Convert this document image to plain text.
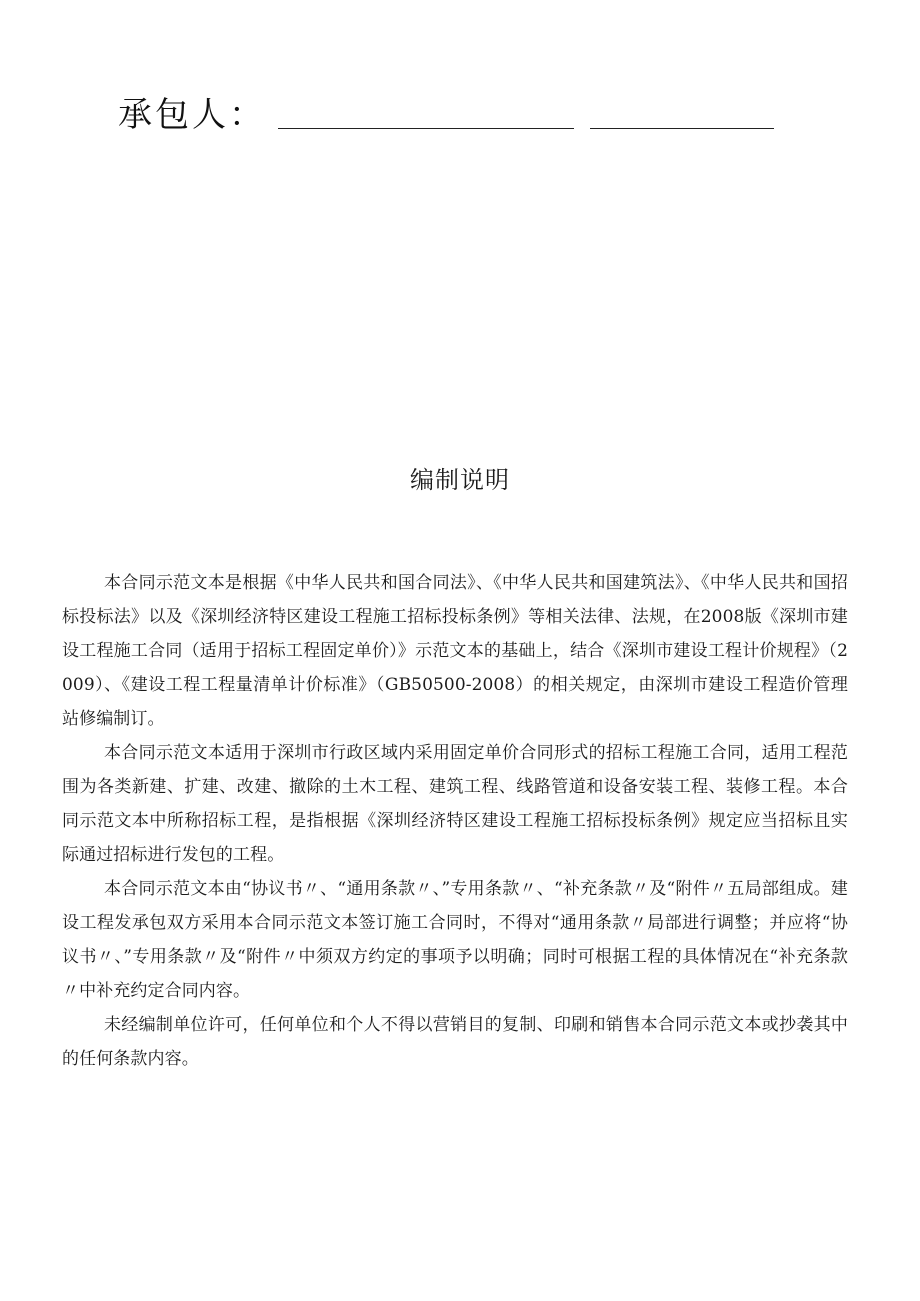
承包人：
编制说明

本合同示范文本是根据《中华人民共和国合同法》、《中华人民共和国建筑法》、《中华人民共和国招标投标法》以及《深圳经济特区建设工程施工招标投标条例》等相关法律、法规，在2008版《深圳市建设工程施工合同（适用于招标工程固定单价）》示范文本的基础上，结合《深圳市建设工程计价规程》（2009）、《建设工程工程量清单计价标准》（GB50500-2008）的相关规定，由深圳市建设工程造价管理站修编制订。

本合同示范文本适用于深圳市行政区域内采用固定单价合同形式的招标工程施工合同，适用工程范围为各类新建、扩建、改建、撤除的土木工程、建筑工程、线路管道和设备安装工程、装修工程。本合同示范文本中所称招标工程，是指根据《深圳经济特区建设工程施工招标投标条例》规定应当招标且实际通过招标进行发包的工程。

本合同示范文本由“协议书〃、“通用条款〃、”专用条款〃、“补充条款〃及“附件〃五局部组成。建设工程发承包双方采用本合同示范文本签订施工合同时，不得对“通用条款〃局部进行调整；并应将“协议书〃、”专用条款〃及“附件〃中须双方约定的事项予以明确；同时可根据工程的具体情况在“补充条款〃中补充约定合同内容。

未经编制单位许可，任何单位和个人不得以营销目的复制、印刷和销售本合同示范文本或抄袭其中的任何条款内容。
